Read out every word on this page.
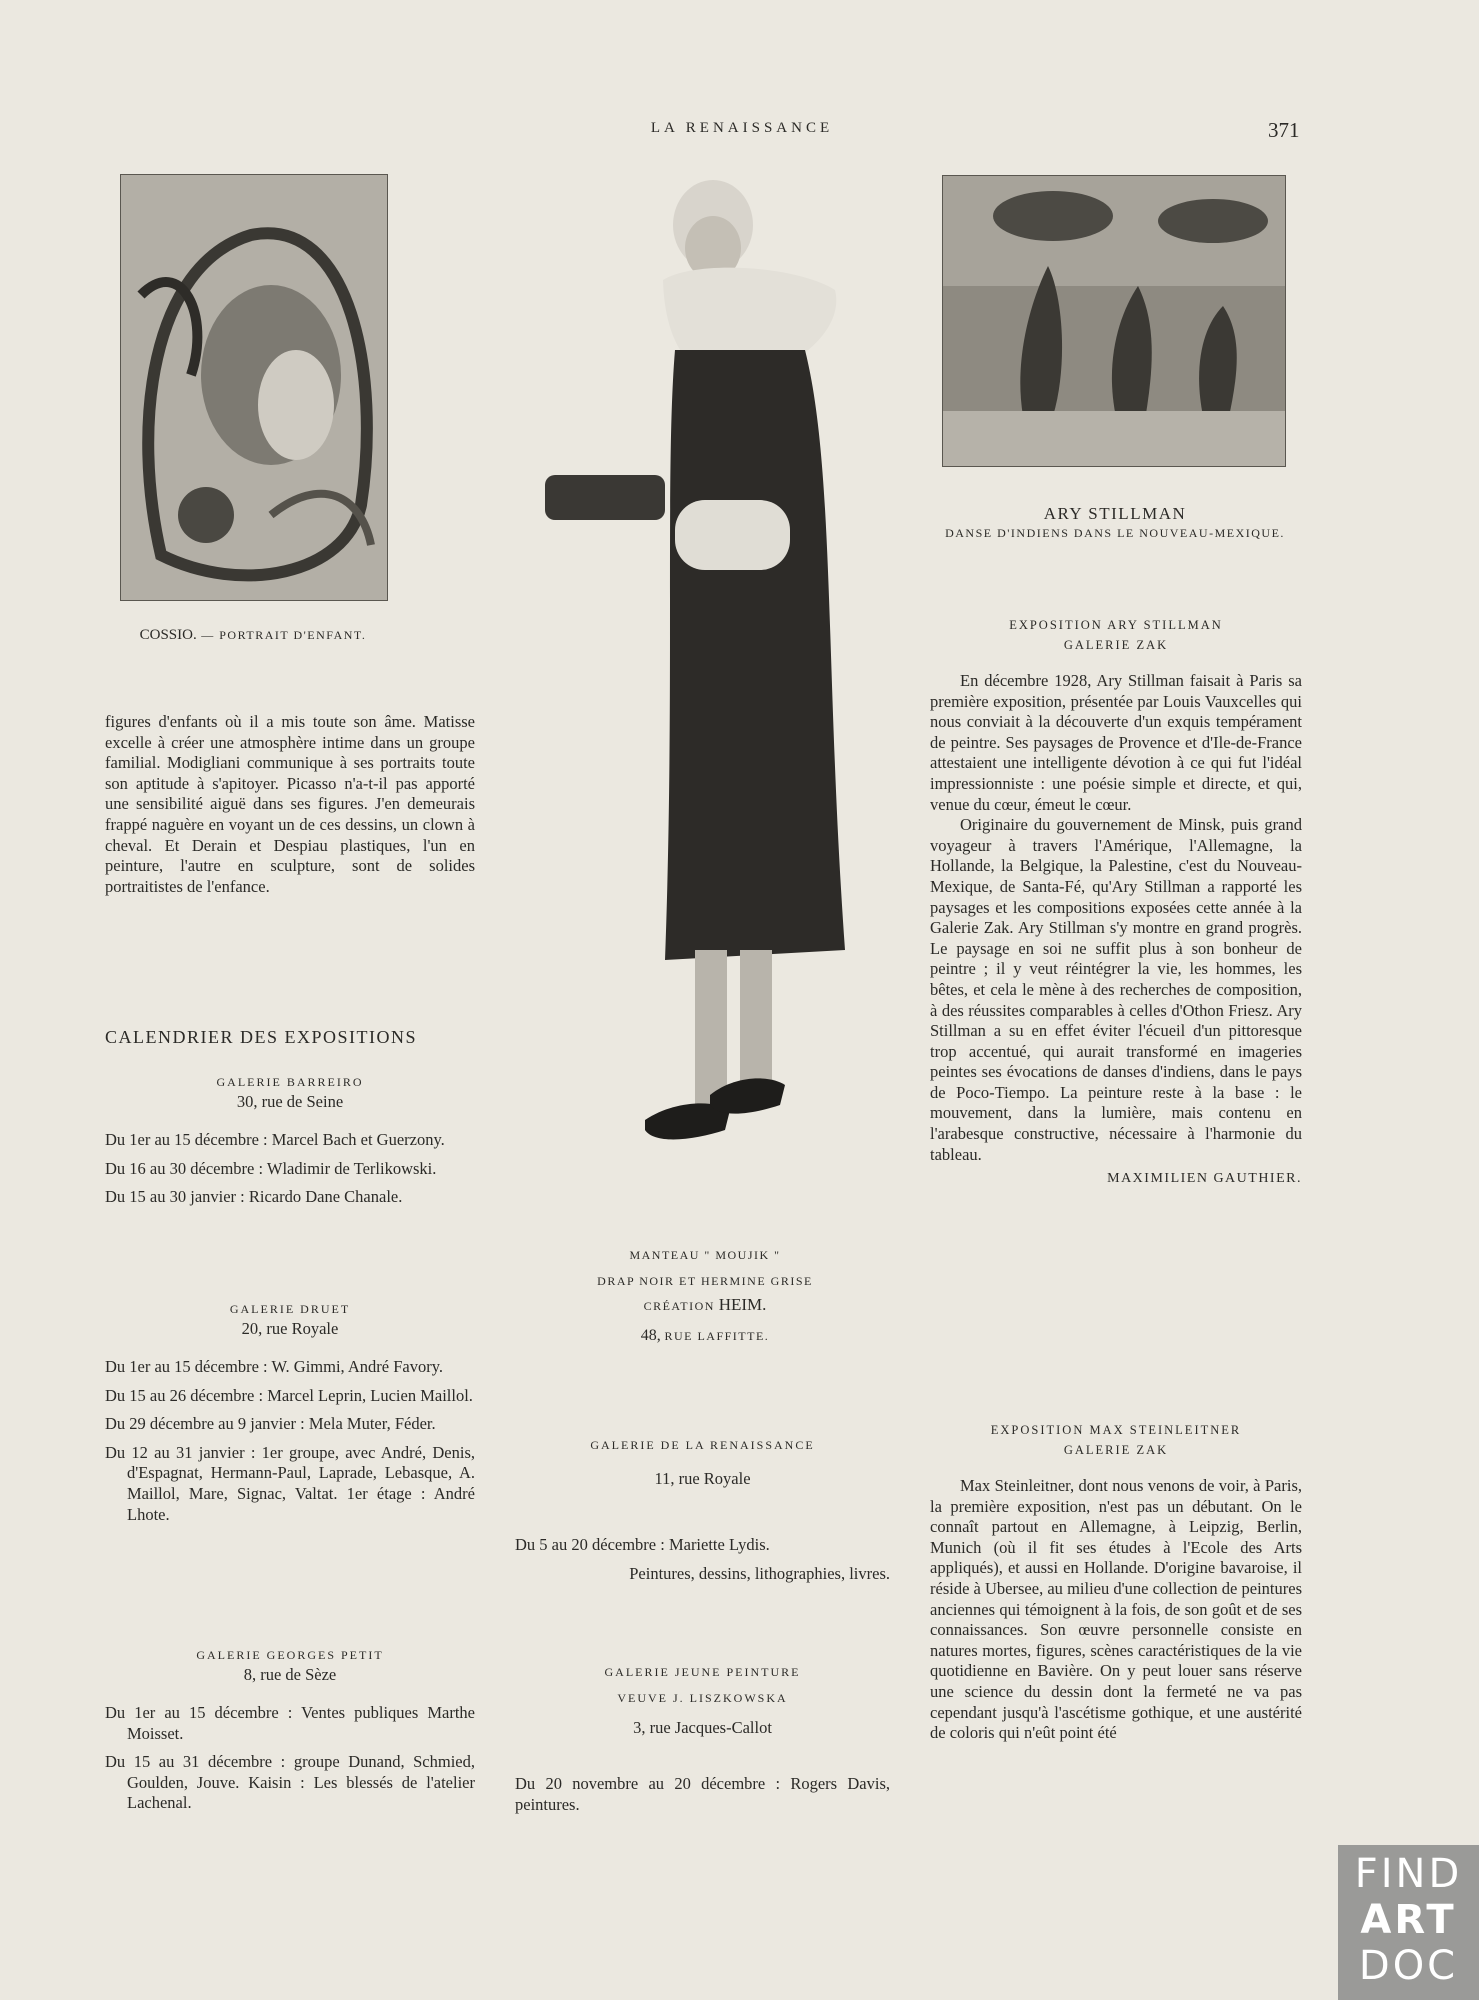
LA RENAISSANCE	371
COSSIO. — PORTRAIT D'ENFANT.

figures d'enfants où il a mis toute son âme. Matisse excelle à créer une atmosphère intime dans un groupe familial. Modigliani communique à ses portraits toute son aptitude à s'apitoyer. Picasso n'a-t-il pas apporté une sensibilité aiguë dans ses figures. J'en demeurais frappé naguère en voyant un de ces dessins, un clown à cheval. Et Derain et Despiau plastiques, l'un en peinture, l'autre en sculpture, sont de solides portraitistes de l'enfance.

CALENDRIER DES EXPOSITIONS
GALERIE BARREIRO
30, rue de Seine
Du 1er au 15 décembre : Marcel Bach et Guerzony.
Du 16 au 30 décembre : Wladimir de Terlikowski.
Du 15 au 30 janvier : Ricardo Dane Chanale.
GALERIE DRUET
20, rue Royale
Du 1er au 15 décembre : W. Gimmi, André Favory.
Du 15 au 26 décembre : Marcel Leprin, Lucien Maillol.
Du 29 décembre au 9 janvier : Mela Muter, Féder.
Du 12 au 31 janvier : 1er groupe, avec André, Denis, d'Espagnat, Hermann-Paul, Laprade, Lebasque, A. Maillol, Mare, Signac, Valtat. 1er étage : André Lhote.
GALERIE GEORGES PETIT
8, rue de Sèze
Du 1er au 15 décembre : Ventes publiques Marthe Moisset.
Du 15 au 31 décembre : groupe Dunand, Schmied, Goulden, Jouve. Kaisin : Les blessés de l'atelier Lachenal.
MANTEAU " MOUJIK "
DRAP NOIR ET HERMINE GRISE
CRÉATION HEIM.
48, RUE LAFFITTE.
GALERIE DE LA RENAISSANCE
11, rue Royale
Du 5 au 20 décembre : Mariette Lydis.
Peintures, dessins, lithographies, livres.
GALERIE JEUNE PEINTURE
VEUVE J. LISZKOWSKA
3, rue Jacques-Callot
Du 20 novembre au 20 décembre : Rogers Davis, peintures.
ARY STILLMAN
DANSE D'INDIENS DANS LE NOUVEAU-MEXIQUE.
EXPOSITION ARY STILLMAN
GALERIE ZAK

En décembre 1928, Ary Stillman faisait à Paris sa première exposition, présentée par Louis Vauxcelles qui nous conviait à la découverte d'un exquis tempérament de peintre. Ses paysages de Provence et d'Ile-de-France attestaient une intelligente dévotion à ce qui fut l'idéal impressionniste : une poésie simple et directe, et qui, venue du cœur, émeut le cœur.

Originaire du gouvernement de Minsk, puis grand voyageur à travers l'Amérique, l'Allemagne, la Hollande, la Belgique, la Palestine, c'est du Nouveau-Mexique, de Santa-Fé, qu'Ary Stillman a rapporté les paysages et les compositions exposées cette année à la Galerie Zak. Ary Stillman s'y montre en grand progrès. Le paysage en soi ne suffit plus à son bonheur de peintre ; il y veut réintégrer la vie, les hommes, les bêtes, et cela le mène à des recherches de composition, à des réussites comparables à celles d'Othon Friesz. Ary Stillman a su en effet éviter l'écueil d'un pittoresque trop accentué, qui aurait transformé en imageries peintes ses évocations de danses d'indiens, dans le pays de Poco-Tiempo. La peinture reste à la base : le mouvement, dans la lumière, mais contenu en l'arabesque constructive, nécessaire à l'harmonie du tableau.

MAXIMILIEN GAUTHIER.
EXPOSITION MAX STEINLEITNER
GALERIE ZAK

Max Steinleitner, dont nous venons de voir, à Paris, la première exposition, n'est pas un débutant. On le connaît partout en Allemagne, à Leipzig, Berlin, Munich (où il fit ses études à l'Ecole des Arts appliqués), et aussi en Hollande. D'origine bavaroise, il réside à Ubersee, au milieu d'une collection de peintures anciennes qui témoignent à la fois, de son goût et de ses connaissances. Son œuvre personnelle consiste en natures mortes, figures, scènes caractéristiques de la vie quotidienne en Bavière. On y peut louer sans réserve une science du dessin dont la fermeté ne va pas cependant jusqu'à l'ascétisme gothique, et une austérité de coloris qui n'eût point été

FIND
ART
DOC
